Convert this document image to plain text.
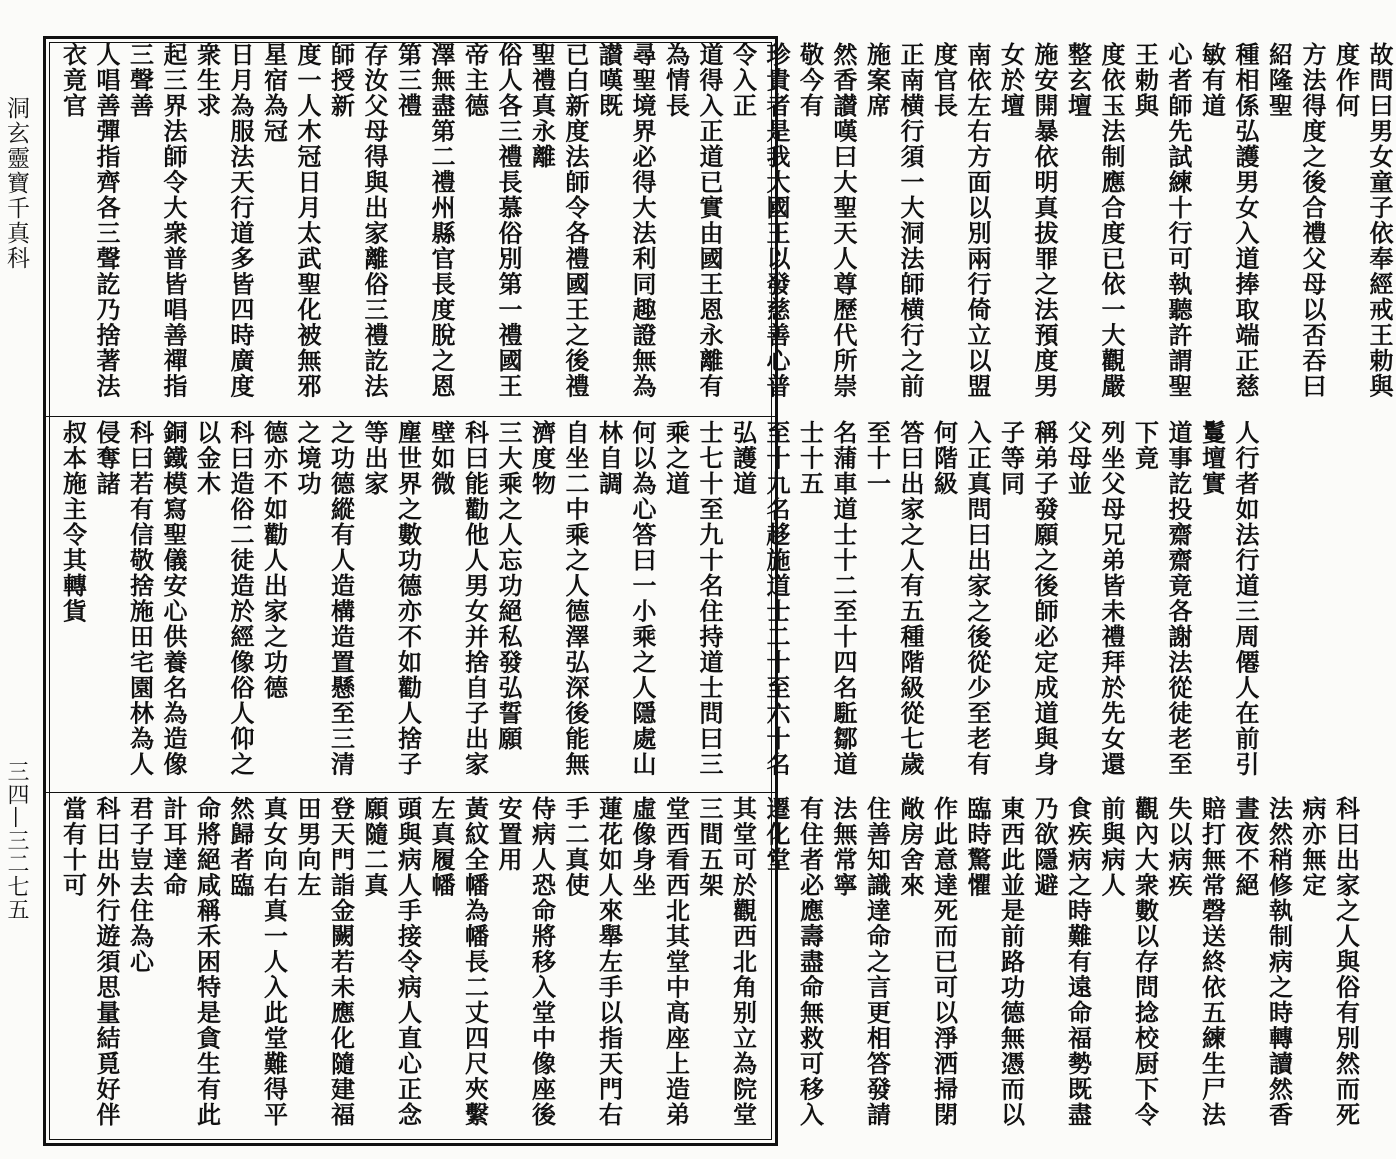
洞玄靈寶千真科
三四—三二七五
故問曰男女童子依奉經戒王勅與度作何
方法得度之後合禮父母以否吞曰紹隆聖
種相係弘護男女入道捧取端正慈敏有道
心者師先試練十行可執聽許謂聖王勅與
度依玉法制應合度已依一大觀嚴整玄壇
施安開暴依明真拔罪之法預度男女於壇
南依左右方面以別兩行倚立以盟度官長
正南横行須一大洞法師横行之前施案席
然香讃嘆曰大聖天人尊歷代所崇敬今有
珍貴者是我大國王以發慈善心普令入正
道得入正道已實由國王恩永離有為情長
尋聖境界必得大法利同趣證無為讃嘆既
已白新度法師令各禮國王之後禮聖禮真永離
俗人各三禮長慕俗別第一禮國王帝主德
澤無盡第二禮州縣官長度脫之恩第三禮
存汝父母得與出家離俗三禮訖法師授新
度一人木冠日月太武聖化被無邪星宿為冠
日月為服法天行道多皆四時廣度衆生求
起三界法師令大衆普皆唱善禪指三聲善
人唱善彈指齊各三聲訖乃捨著法衣竟官
人行者如法行道三周僊人在前引鬘壇實
道事訖投齋齋竟各謝法從徒老至下竟
列坐父母兄弟皆未禮拜於先女還父母並
稱弟子發願之後師必定成道與身子等同
入正真問曰出家之後從少至老有何階級
答曰出家之人有五種階級從七歲至十一
名蒲車道士十二至十四名駈鄒道士十五
至十九名趍施道士二十至六十名弘護道
士七十至九十名住持道士問曰三乘之道
何以為心答曰一小乘之人隱處山林自調
自坐二中乘之人德澤弘深後能無濟度物
三大乘之人忘功絕私發弘誓願
科曰能勸他人男女并捨自子出家壁如微
塵世界之數功德亦不如勸人捨子等出家
之功德縱有人造構造置懸至三清之境功
德亦不如勸人出家之功德
科曰造俗二徒造於經像俗人仰之以金木
銅鐵模寫聖儀安心供養名為造像
科曰若有信敬捨施田宅園林為人侵奪諸
叔本施主令其轉貨
科曰出家之人與俗有別然而死病亦無定
法然稍修執制病之時轉讀然香晝夜不絕
賠打無常磬送終依五練生尸法失以病疾
觀內大衆數以存問捻校厨下令前與病人
食疾病之時難有遠命福勢既盡乃欲隱避
東西此並是前路功德無憑而以臨時驚懼
作此意達死而已可以淨洒掃閉敞房舍來
住善知識達命之言更相答發請法無常寧
有住者必應壽盡命無救可移入遷化堂
其堂可於觀西北角别立為院堂三間五架
堂西看西北其堂中高座上造弟虛像身坐
蓮花如人來舉左手以指天門右手二真使
侍病人恐命將移入堂中像座後安置用
黃紋全幡為幡長二丈四尺夾繫左真履幡
頭與病人手接令病人直心正念願隨二真
登天門詣金闕若未應化隨建福田男向左
真女向右真一人入此堂難得平然歸者臨
命將絕咸稱禾困特是貪生有此計耳達命
君子豈去住為心
科曰出外行遊須思量結覓好伴當有十可
